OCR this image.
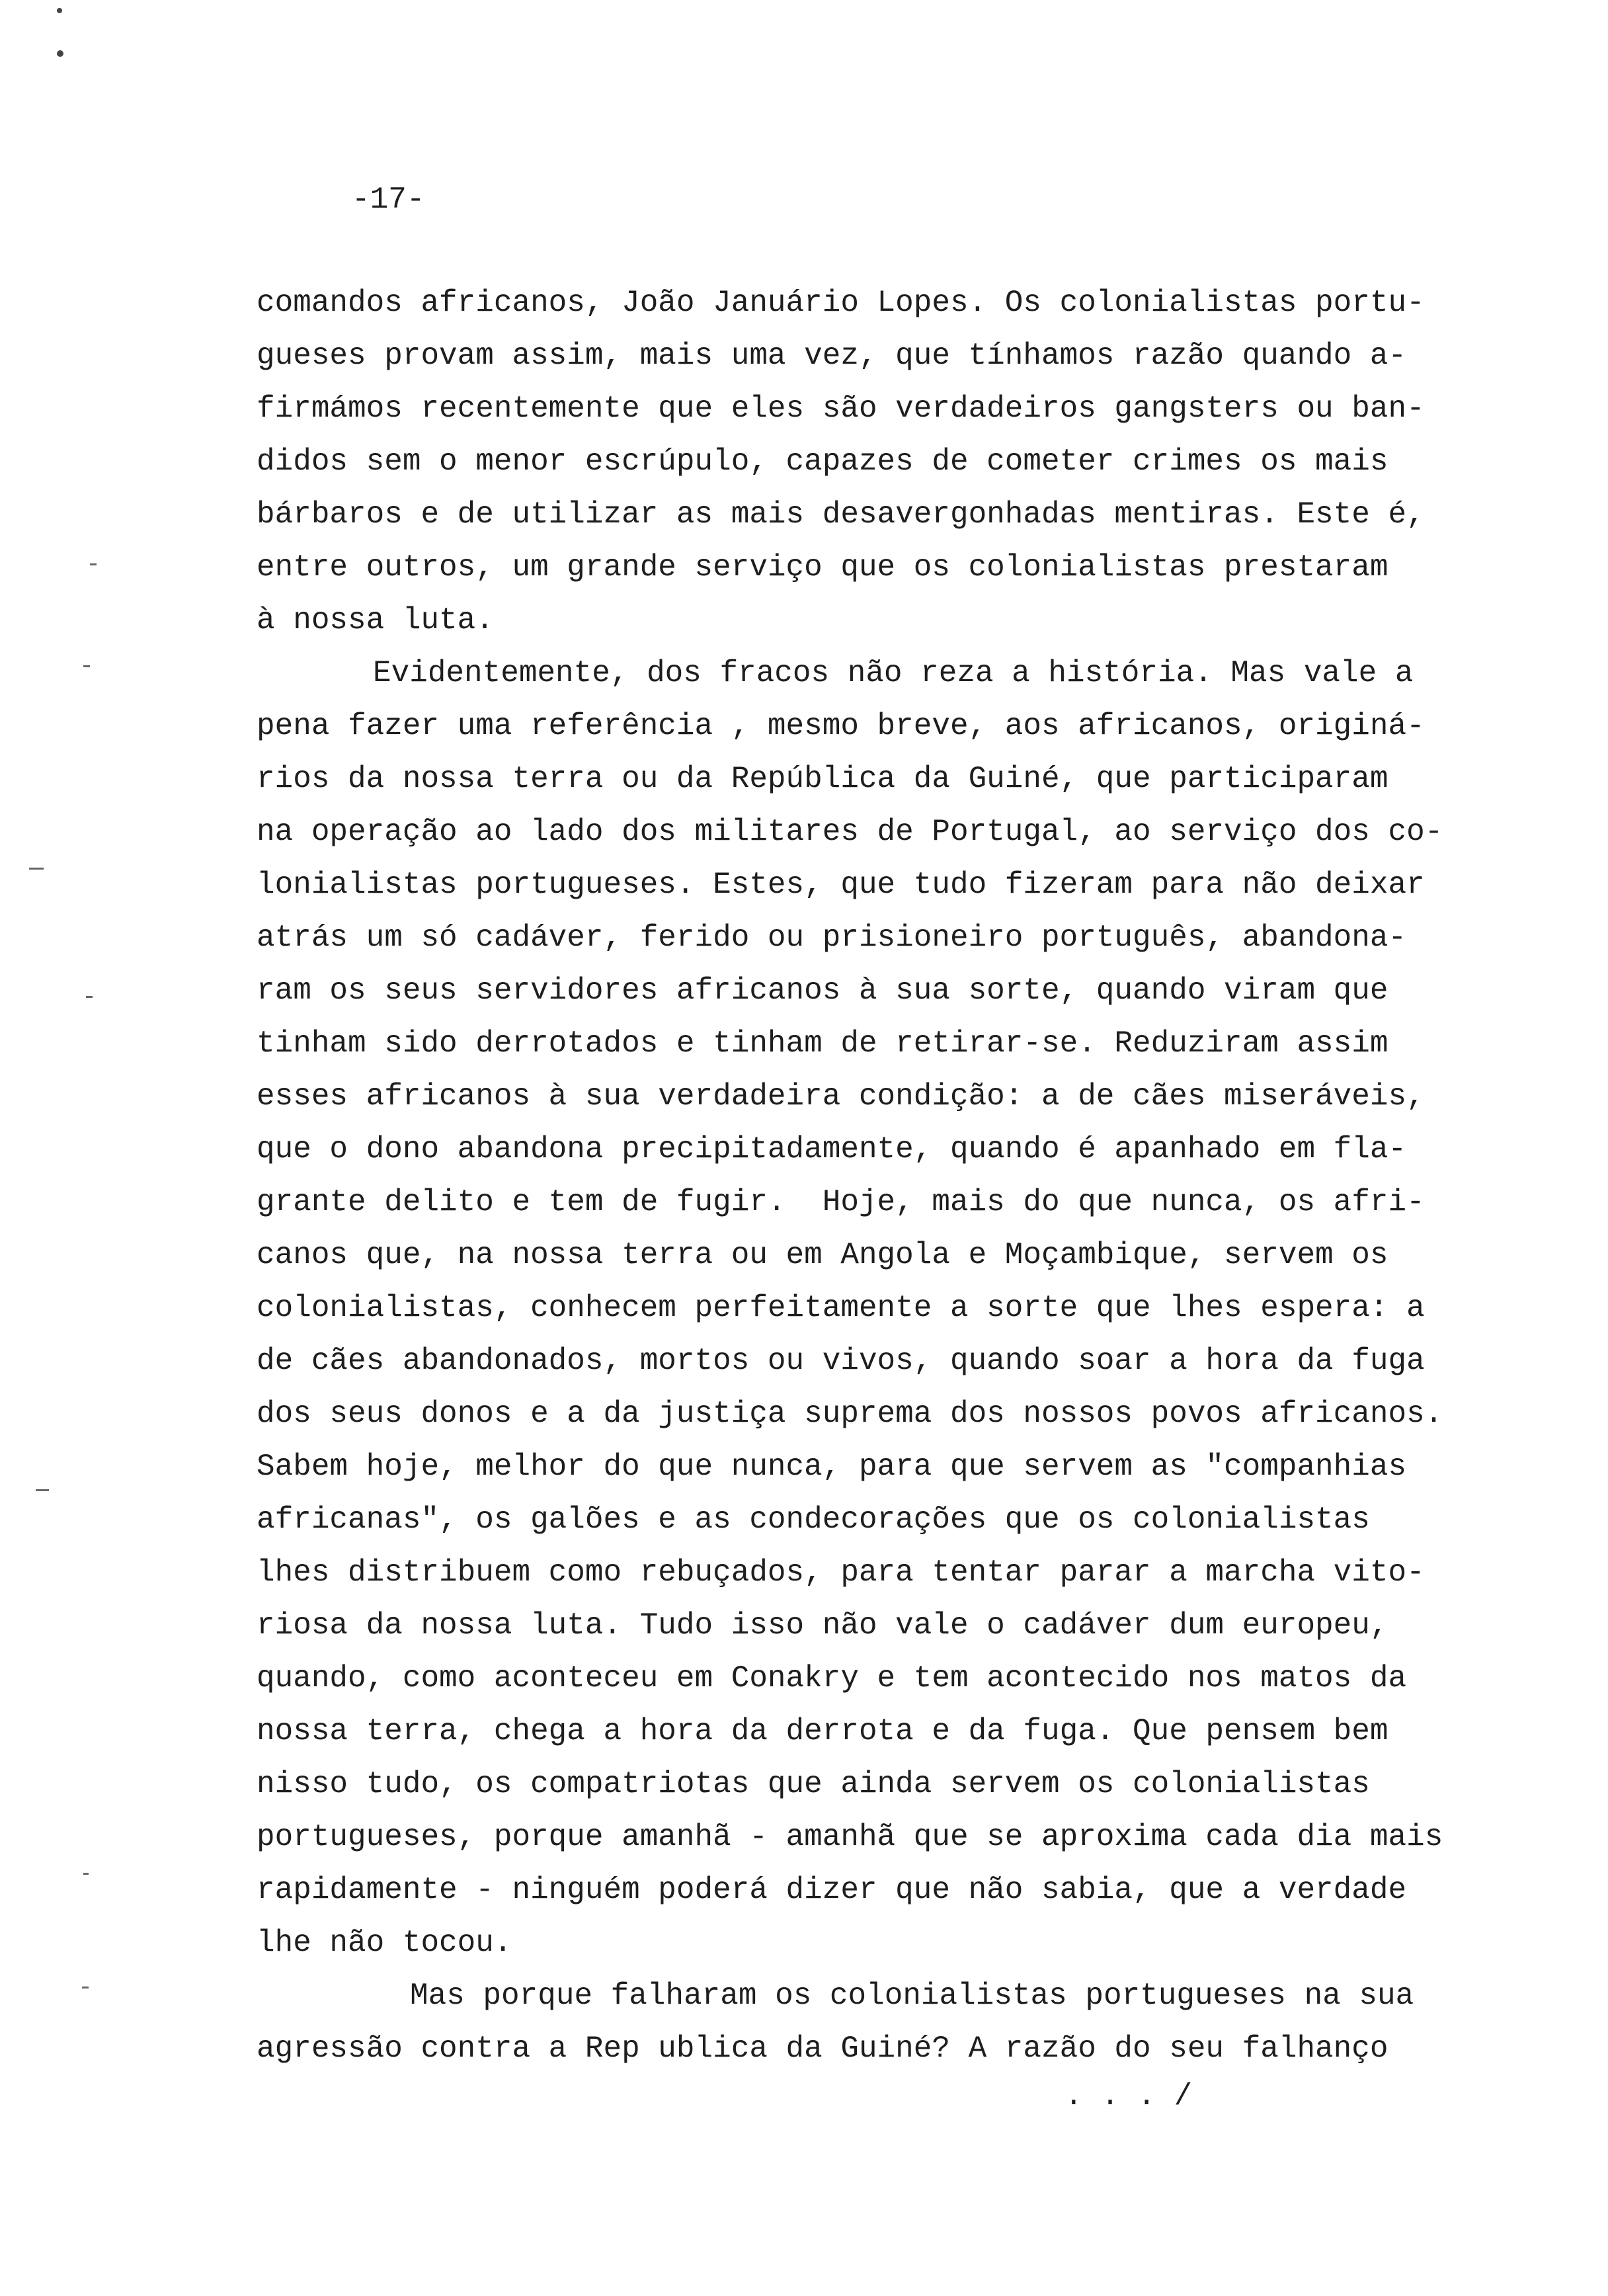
-17-
comandos africanos, João Januário Lopes. Os colonialistas portu-
gueses provam assim, mais uma vez, que tínhamos razão quando a-
firmámos recentemente que eles são verdadeiros gangsters ou ban-
didos sem o menor escrúpulo, capazes de cometer crimes os mais
bárbaros e de utilizar as mais desavergonhadas mentiras. Este é,
entre outros, um grande serviço que os colonialistas prestaram
à nossa luta.
Evidentemente, dos fracos não reza a história. Mas vale a
pena fazer uma referência , mesmo breve, aos africanos, originá-
rios da nossa terra ou da República da Guiné, que participaram
na operação ao lado dos militares de Portugal, ao serviço dos co-
lonialistas portugueses. Estes, que tudo fizeram para não deixar
atrás um só cadáver, ferido ou prisioneiro português, abandona-
ram os seus servidores africanos à sua sorte, quando viram que
tinham sido derrotados e tinham de retirar-se. Reduziram assim
esses africanos à sua verdadeira condição: a de cães miseráveis,
que o dono abandona precipitadamente, quando é apanhado em fla-
grante delito e tem de fugir.  Hoje, mais do que nunca, os afri-
canos que, na nossa terra ou em Angola e Moçambique, servem os
colonialistas, conhecem perfeitamente a sorte que lhes espera: a
de cães abandonados, mortos ou vivos, quando soar a hora da fuga
dos seus donos e a da justiça suprema dos nossos povos africanos.
Sabem hoje, melhor do que nunca, para que servem as "companhias
africanas", os galões e as condecorações que os colonialistas
lhes distribuem como rebuçados, para tentar parar a marcha vito-
riosa da nossa luta. Tudo isso não vale o cadáver dum europeu,
quando, como aconteceu em Conakry e tem acontecido nos matos da
nossa terra, chega a hora da derrota e da fuga. Que pensem bem
nisso tudo, os compatriotas que ainda servem os colonialistas
portugueses, porque amanhã - amanhã que se aproxima cada dia mais
rapidamente - ninguém poderá dizer que não sabia, que a verdade
lhe não tocou.
Mas porque falharam os colonialistas portugueses na sua
agressão contra a Rep ublica da Guiné? A razão do seu falhanço
. . . /
